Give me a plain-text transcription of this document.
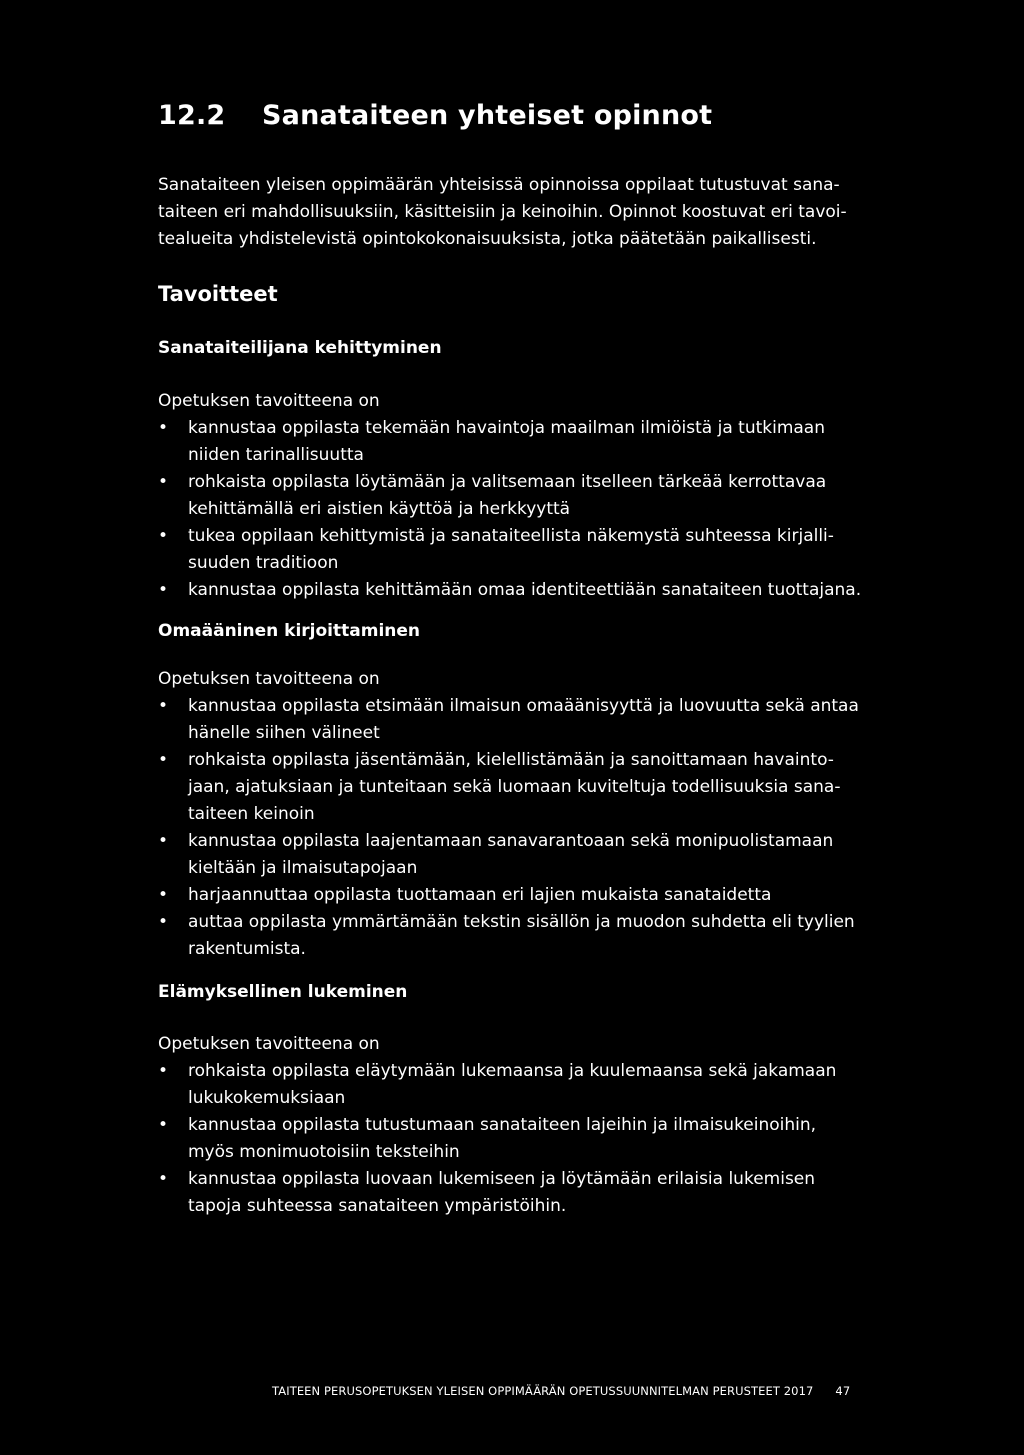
12.2 Sanataiteen yhteiset opinnot

Sanataiteen yleisen oppimäärän yhteisissä opinnoissa oppilaat tutustuvat sana-

taiteen eri mahdollisuuksiin, käsitteisiin ja keinoihin. Opinnot koostuvat eri tavoi-

tealueita yhdistelevistä opintokokonaisuuksista, jotka päätetään paikallisesti.

Tavoitteet
Sanataiteilijana kehittyminen

Opetuksen tavoitteena on

• kannustaa oppilasta tekemään havaintoja maailman ilmiöistä ja tutkimaan
niiden tarinallisuutta
• rohkaista oppilasta löytämään ja valitsemaan itselleen tärkeää kerrottavaa
kehittämällä eri aistien käyttöä ja herkkyyttä
• tukea oppilaan kehittymistä ja sanataiteellista näkemystä suhteessa kirjalli-
suuden traditioon
• kannustaa oppilasta kehittämään omaa identiteettiään sanataiteen tuottajana.
Omaääninen kirjoittaminen

Opetuksen tavoitteena on

• kannustaa oppilasta etsimään ilmaisun omaäänisyyttä ja luovuutta sekä antaa
hänelle siihen välineet
• rohkaista oppilasta jäsentämään, kielellistämään ja sanoittamaan havainto-
jaan, ajatuksiaan ja tunteitaan sekä luomaan kuviteltuja todellisuuksia sana-
taiteen keinoin
• kannustaa oppilasta laajentamaan sanavarantoaan sekä monipuolistamaan
kieltään ja ilmaisutapojaan
• harjaannuttaa oppilasta tuottamaan eri lajien mukaista sanataidetta
• auttaa oppilasta ymmärtämään tekstin sisällön ja muodon suhdetta eli tyylien
rakentumista.
Elämyksellinen lukeminen

Opetuksen tavoitteena on

• rohkaista oppilasta eläytymään lukemaansa ja kuulemaansa sekä jakamaan
lukukokemuksiaan
• kannustaa oppilasta tutustumaan sanataiteen lajeihin ja ilmaisukeinoihin,
myös monimuotoisiin teksteihin
• kannustaa oppilasta luovaan lukemiseen ja löytämään erilaisia lukemisen
tapoja suhteessa sanataiteen ympäristöihin.
TAITEEN PERUSOPETUKSEN YLEISEN OPPIMÄÄRÄN OPETUSSUUNNITELMAN PERUSTEET 2017 47
